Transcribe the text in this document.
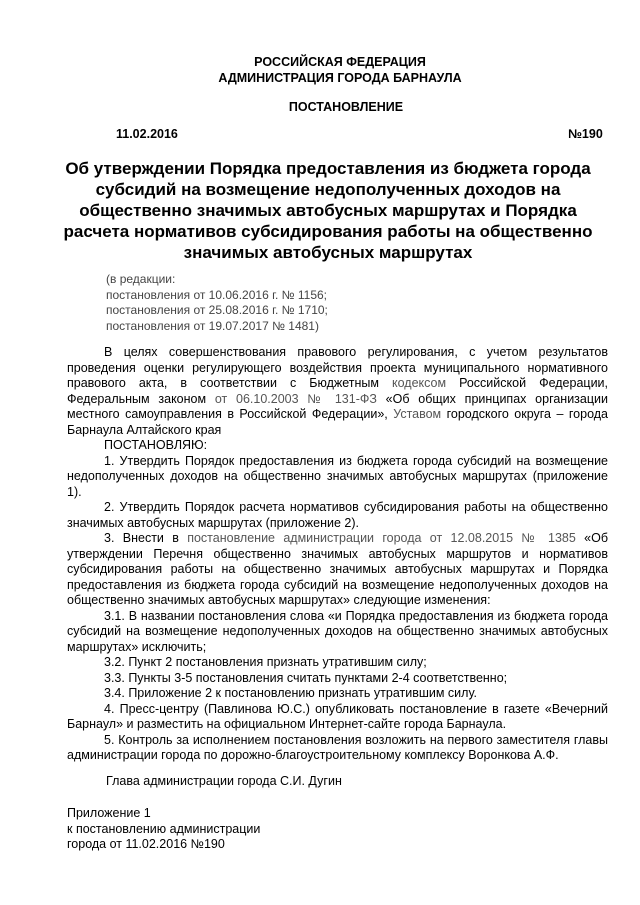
РОССИЙСКАЯ ФЕДЕРАЦИЯ
АДМИНИСТРАЦИЯ ГОРОДА БАРНАУЛА
ПОСТАНОВЛЕНИЕ
11.02.2016	№190
Об утверждении Порядка предоставления из бюджета города субсидий на возмещение недополученных доходов на общественно значимых автобусных маршрутах и Порядка расчета нормативов субсидирования работы на общественно значимых автобусных маршрутах
(в редакции:
постановления от 10.06.2016 г. № 1156;
постановления от 25.08.2016 г. № 1710;
постановления от 19.07.2017 № 1481)

В целях совершенствования правового регулирования, с учетом результатов проведения оценки регулирующего воздействия проекта муниципального нормативного правового акта, в соответствии с Бюджетным кодексом Российской Федерации, Федеральным законом от 06.10.2003 № 131-ФЗ «Об общих принципах организации местного самоуправления в Российской Федерации», Уставом городского округа – города Барнаула Алтайского края

ПОСТАНОВЛЯЮ:

1. Утвердить Порядок предоставления из бюджета города субсидий на возмещение недополученных доходов на общественно значимых автобусных маршрутах (приложение 1).

2. Утвердить Порядок расчета нормативов субсидирования работы на общественно значимых автобусных маршрутах (приложение 2).

3. Внести в постановление администрации города от 12.08.2015 № 1385 «Об утверждении Перечня общественно значимых автобусных маршрутов и нормативов субсидирования работы на общественно значимых автобусных маршрутах и Порядка предоставления из бюджета города субсидий на возмещение недополученных доходов на общественно значимых автобусных маршрутах» следующие изменения:

3.1. В названии постановления слова «и Порядка предоставления из бюджета города субсидий на возмещение недополученных доходов на общественно значимых автобусных маршрутах» исключить;

3.2. Пункт 2 постановления признать утратившим силу;

3.3. Пункты 3-5 постановления считать пунктами 2-4 соответственно;

3.4. Приложение 2 к постановлению признать утратившим силу.

4. Пресс-центру (Павлинова Ю.С.) опубликовать постановление в газете «Вечерний Барнаул» и разместить на официальном Интернет-сайте города Барнаула.

5. Контроль за исполнением постановления возложить на первого заместителя главы администрации города по дорожно-благоустроительному комплексу Воронкова А.Ф.

Глава администрации города С.И. Дугин
Приложение 1
к постановлению администрации
города от 11.02.2016 №190
